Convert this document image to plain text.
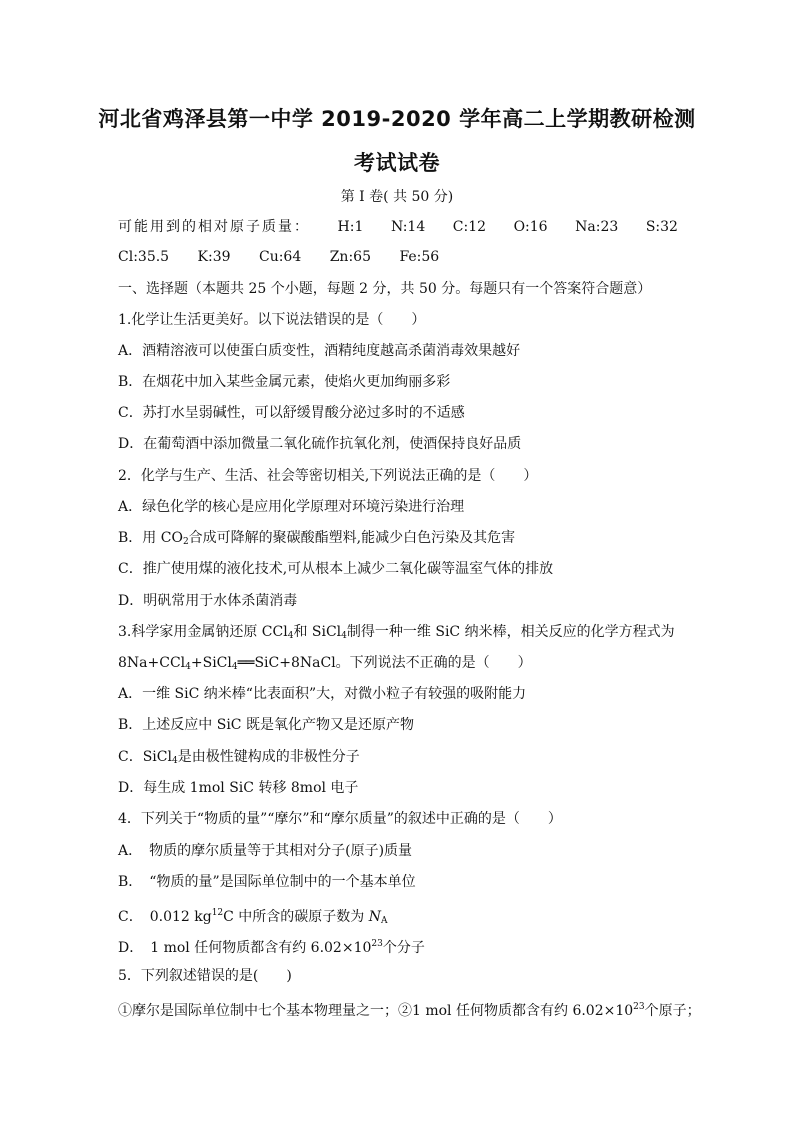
河北省鸡泽县第一中学 2019-2020 学年高二上学期教研检测
考试试卷
第 I 卷( 共 50 分)
可能用到的相对原子质量： H:1 N:14 C:12 O:16 Na:23 S:32
Cl:35.5 K:39 Cu:64 Zn:65 Fe:56
一、选择题（本题共 25 个小题，每题 2 分，共 50 分。每题只有一个答案符合题意）
1.化学让生活更美好。以下说法错误的是（　　）
A．酒精溶液可以使蛋白质变性，酒精纯度越高杀菌消毒效果越好
B．在烟花中加入某些金属元素，使焰火更加绚丽多彩
C．苏打水呈弱碱性，可以舒缓胃酸分泌过多时的不适感
D．在葡萄酒中添加微量二氧化硫作抗氧化剂，使酒保持良好品质
2．化学与生产、生活、社会等密切相关,下列说法正确的是（　　）
A．绿色化学的核心是应用化学原理对环境污染进行治理
B．用 $CO_2$合成可降解的聚碳酸酯塑料,能减少白色污染及其危害
C．推广使用煤的液化技术,可从根本上减少二氧化碳等温室气体的排放
D．明矾常用于水体杀菌消毒
3.科学家用金属钠还原 CCl$_4$和 SiCl$_4$制得一种一维 SiC 纳米棒，相关反应的化学方程式为
8Na+CCl$_4$+SiCl$_4$══SiC+8NaCl。下列说法不正确的是（　　）
A．一维 SiC 纳米棒“比表面积”大，对微小粒子有较强的吸附能力
B．上述反应中 SiC 既是氧化产物又是还原产物
C．SiCl$_4$是由极性键构成的非极性分子
D．每生成 1mol SiC 转移 8mol 电子
4．下列关于“物质的量”“摩尔”和“摩尔质量”的叙述中正确的是（　　）
A．　物质的摩尔质量等于其相对分子(原子)质量
B．　“物质的量”是国际单位制中的一个基本单位
C．　0.012 $kg^{12}C$ 中所含的碳原子数为 $N_A$
D．　1 mol 任何物质都含有约 $6.02\times 10^{23}$个分子
5．下列叙述错误的是(　　)
①摩尔是国际单位制中七个基本物理量之一；②1 mol 任何物质都含有约 $6.02\times 10^{23}$个原子；
